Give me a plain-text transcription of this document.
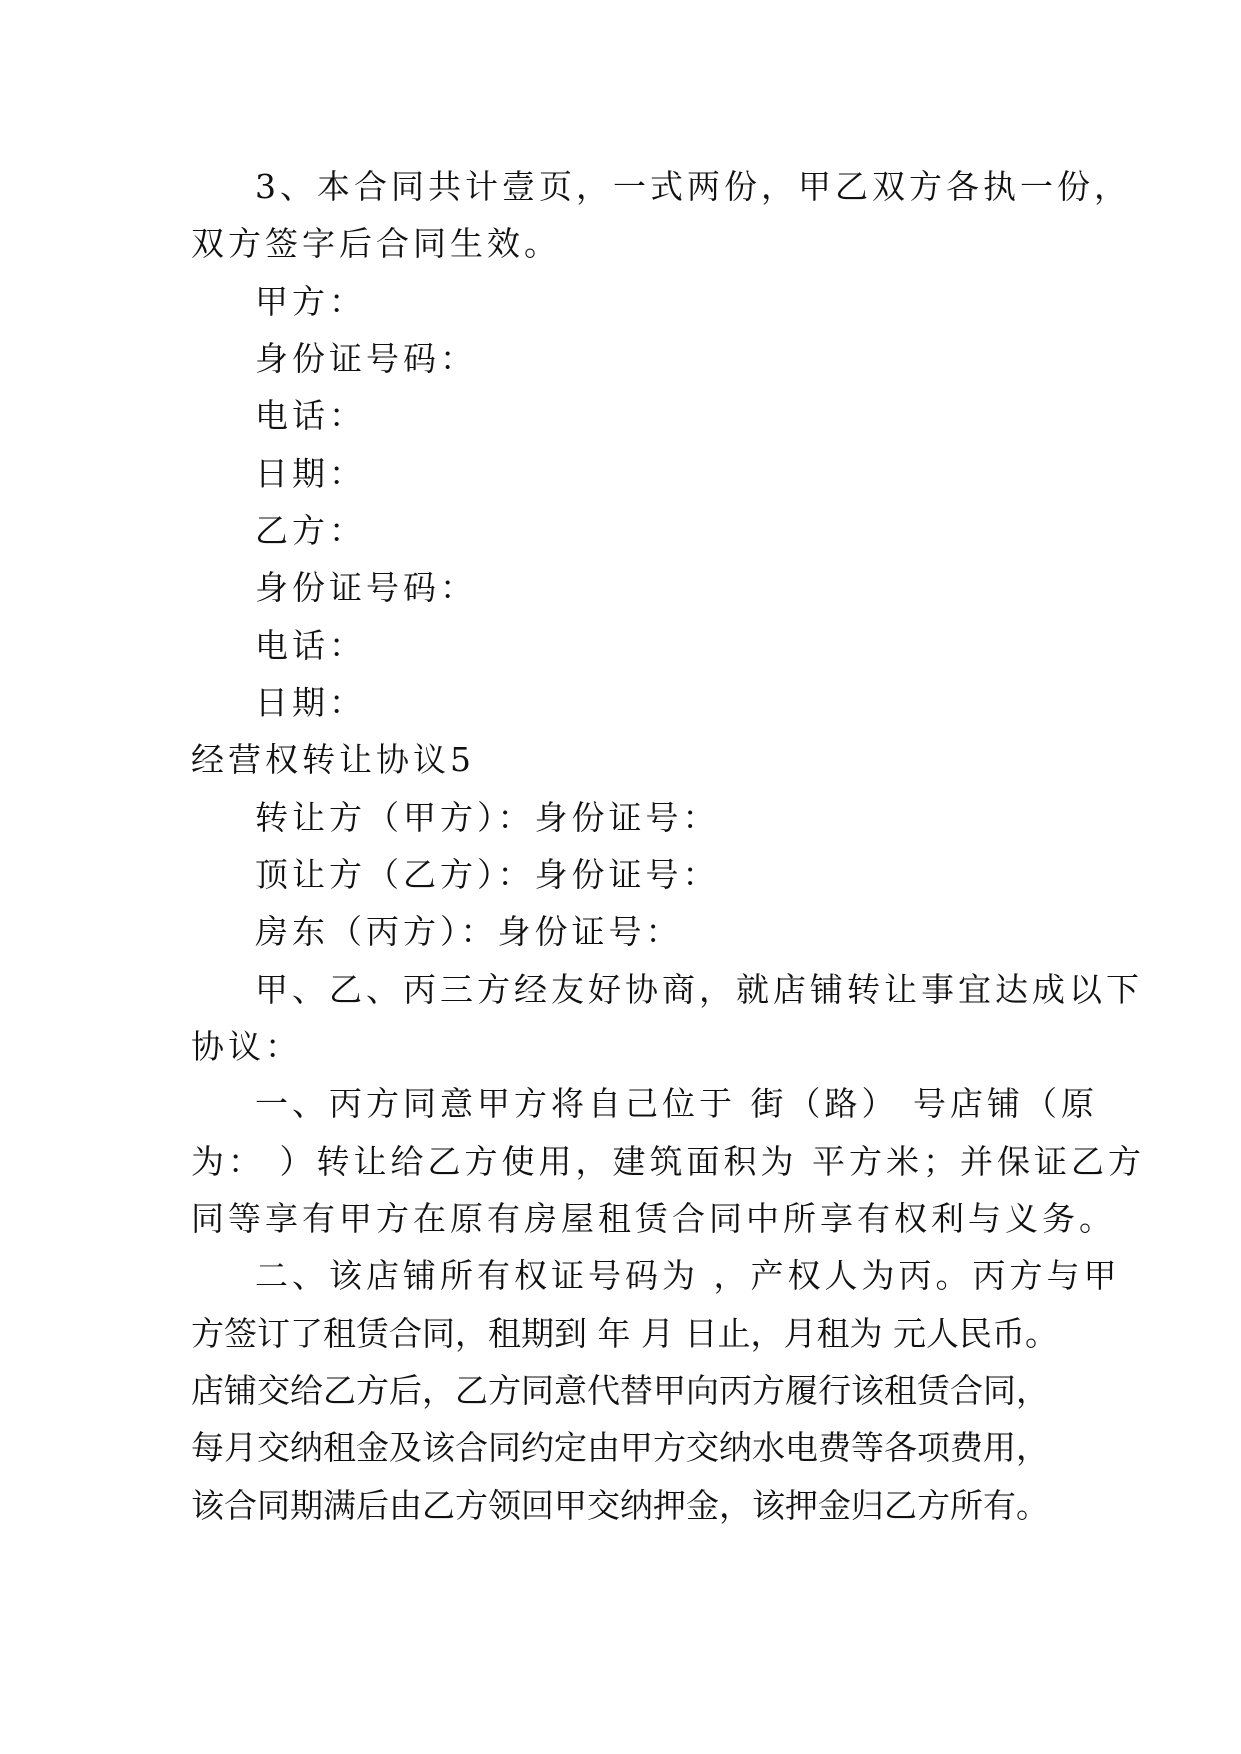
3、本合同共计壹页，一式两份，甲乙双方各执一份，
双方签字后合同生效。
甲方：
身份证号码：
电话：
日期：
乙方：
身份证号码：
电话：
日期：
经营权转让协议5
转让方（甲方）：身份证号：
顶让方（乙方）：身份证号：
房东（丙方）：身份证号：
甲、乙、丙三方经友好协商，就店铺转让事宜达成以下
协议：
一、丙方同意甲方将自己位于 街（路） 号店铺（原
为： ）转让给乙方使用，建筑面积为 平方米；并保证乙方
同等享有甲方在原有房屋租赁合同中所享有权利与义务。
二、该店铺所有权证号码为 ，产权人为丙。丙方与甲
方签订了租赁合同，租期到 年 月 日止，月租为 元人民币。
店铺交给乙方后，乙方同意代替甲向丙方履行该租赁合同，
每月交纳租金及该合同约定由甲方交纳水电费等各项费用，
该合同期满后由乙方领回甲交纳押金，该押金归乙方所有。
